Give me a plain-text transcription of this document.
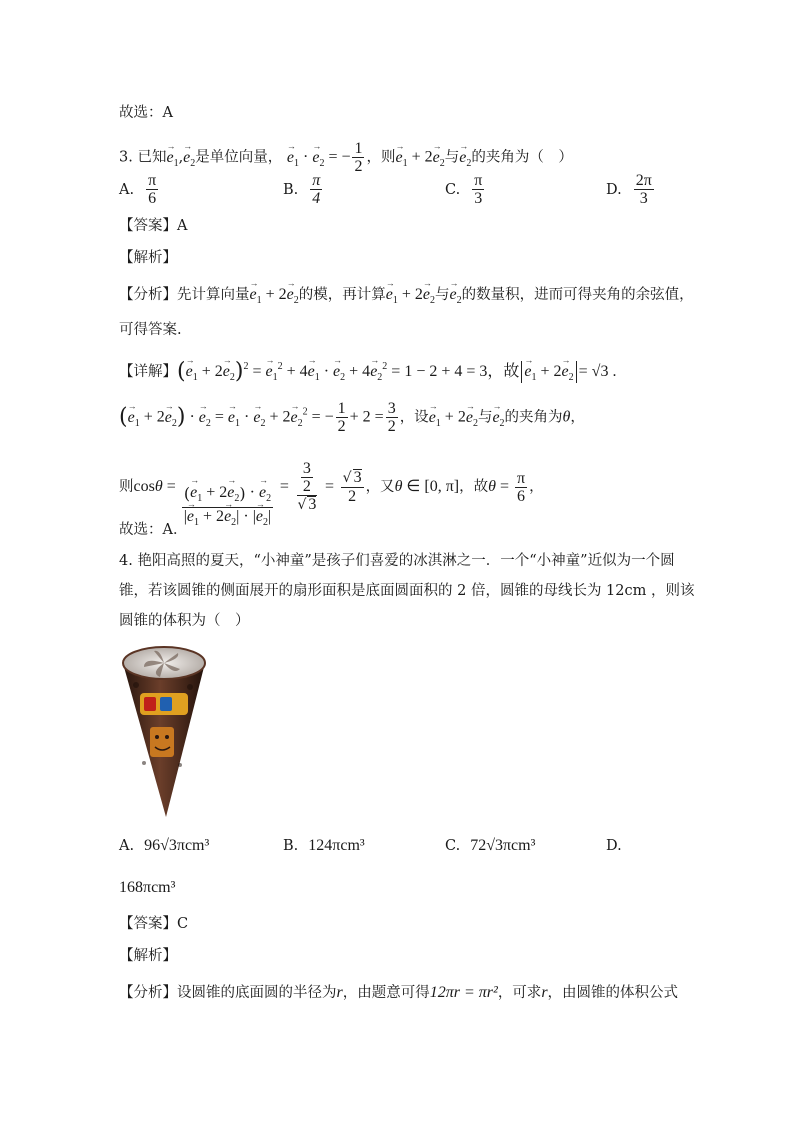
故选：A
3. 已知→ $e_1,\to e_2$是单位向量， → $e_1$ · → $e_2$ = − $\frac{1}{2}$ ，则→ $e_1 + 2\to e_2$与→ $e_2$的夹角为（　）
A. $\frac{\pi}{6}$	B. $\frac{\pi}{4}$	C. $\frac{\pi}{3}$	D. $\frac{2\pi}{3}$
【答案】A
【解析】
【分析】先计算向量→ $e_1 + 2\to e_2$的模，再计算→ $e_1 + 2\to e_2$与→ $e_2$的数量积，进而可得夹角的余弦值，
可得答案.
【详解】(→ $e_1 + 2\to e_2)^2$ = → $e_1^2 + 4\to e_1$ · → $e_2 + 4\to e_2^2 = 1 - 2 + 4 = 3$，故 → $e_1 + 2\to e_2 = √3$ .
(→ $e_1 + 2\to e_2$) · → $e_2$ = → $e_1$ · → $e_2 + 2\to e_2^2$ = − $\frac{1}{2} + 2 = \frac{3}{2}$ ，设→ $e_1 + 2\to e_2$与→ $e_2$的夹角为θ，
则$\cos\theta = \frac{(\to e_1 + 2\to e_2) \cdot \to e_2}{|\to e_1 + 2\to e_2| \cdot |\to e_2|} = \frac{\frac{3}{2}}{√ 3} = \frac{√ 3}{2}$ ，又θ ∈ [0, π]，故$\theta = \frac{\pi}{6}$ ，
故选：A．
4. 艳阳高照的夏天，“小神童”是孩子们喜爱的冰淇淋之一．一个“小神童”近似为一个圆
锥，若该圆锥的侧面展开的扇形面积是底面圆面积的 2 倍，圆锥的母线长为 12cm ，则该
圆锥的体积为（　）
A. 96√3πcm³	B. 124πcm³	C. 72√3πcm³	D.
168πcm³
【答案】C
【解析】
【分析】设圆锥的底面圆的半径为r，由题意可得12πr = πr²，可求r，由圆锥的体积公式
